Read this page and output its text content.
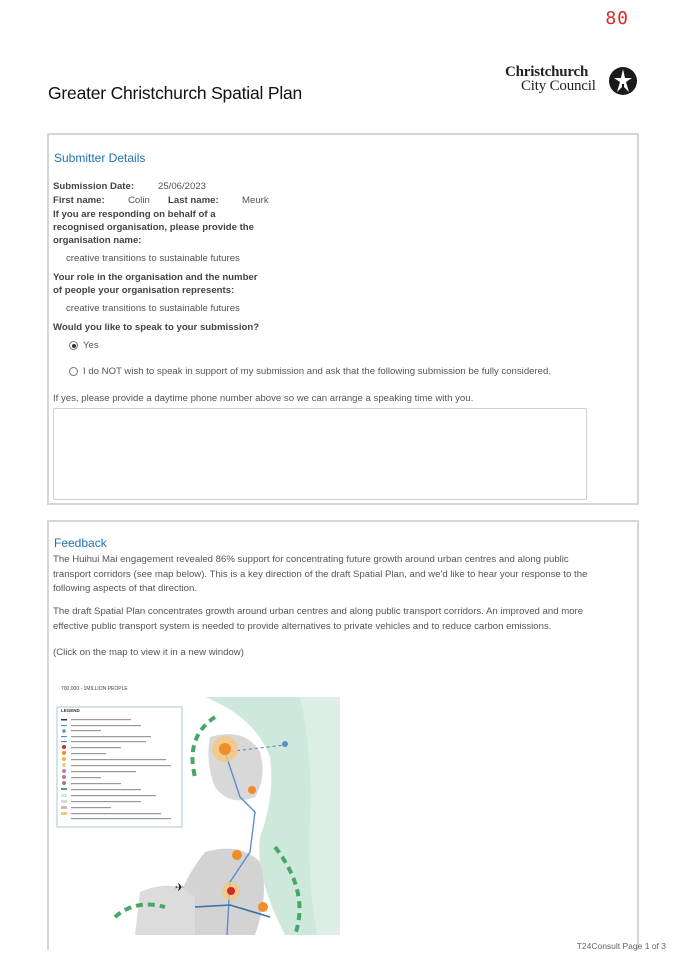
80
Greater Christchurch Spatial Plan
Christchurch
City Council
Submitter Details
Submission Date: 25/06/2023
First name: Colin Last name: Meurk
If you are responding on behalf of a
recognised organisation, please provide the
organisation name:
creative transitions to sustainable futures
Your role in the organisation and the number
of people your organisation represents:
creative transitions to sustainable futures
Would you like to speak to your submission?
Yes
I do NOT wish to speak in support of my submission and ask that the following submission be fully considered.
If yes, please provide a daytime phone number above so we can arrange a speaking time with you.
Feedback
The Huihui Mai engagement revealed 86% support for concentrating future growth around urban centres and along public
transport corridors (see map below). This is a key direction of the draft Spatial Plan, and we'd like to hear your response to the
following aspects of that direction.
The draft Spatial Plan concentrates growth around urban centres and along public transport corridors. An improved and more
effective public transport system is needed to provide alternatives to private vehicles and to reduce carbon emissions.
(Click on the map to view it in a new window)
✈
700,000 - 1MILLION PEOPLE
LEGEND
T24Consult Page 1 of 3
